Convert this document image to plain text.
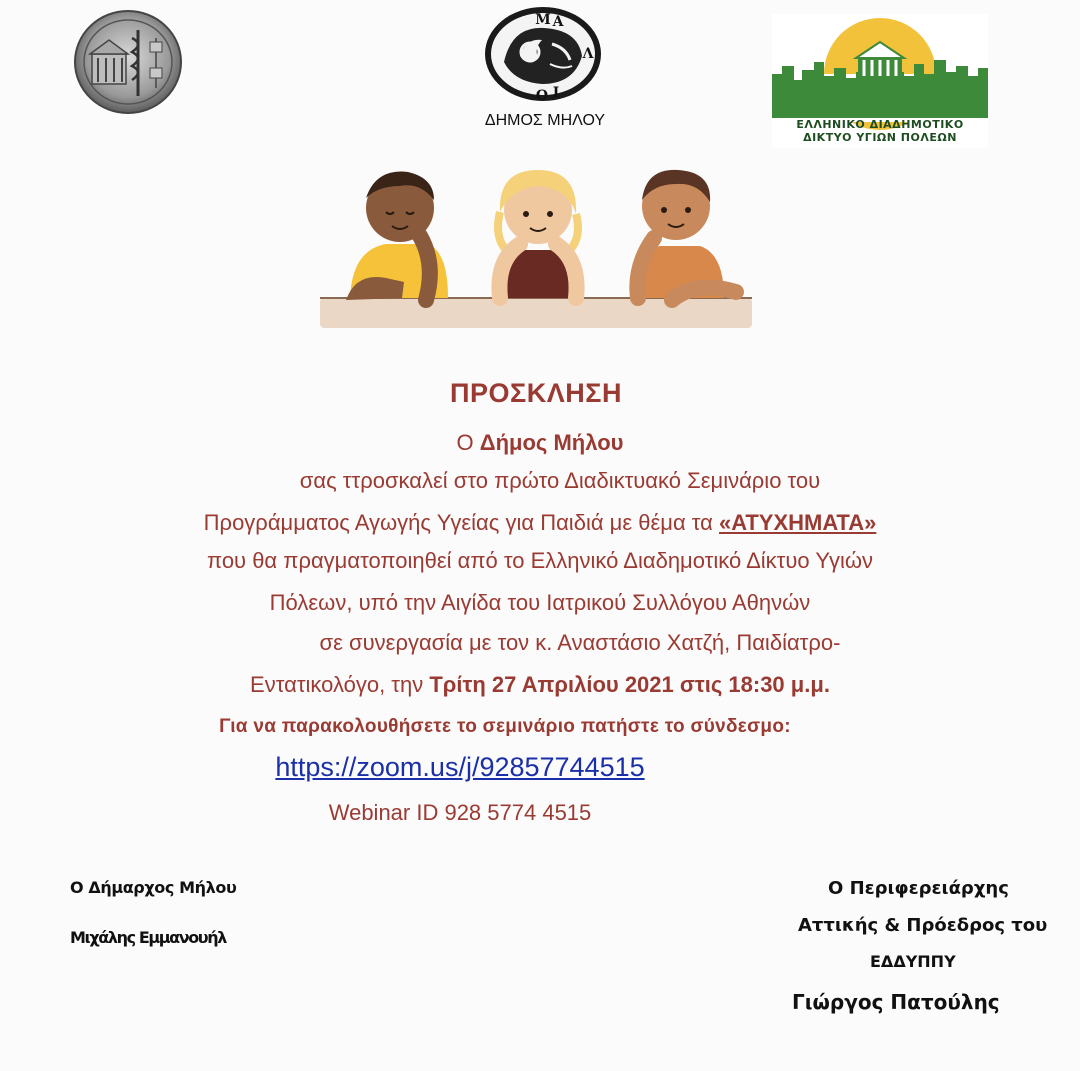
Μ Α
Λ
Ι
Ο
ΔΗΜΟΣ ΜΗΛΟΥ	ΕΛΛΗΝΙΚΟ ΔΙΑΔΗΜΟΤΙΚΟ
ΔΙΚΤΥΟ ΥΓΙΩΝ ΠΟΛΕΩΝ
ΠΡΟΣΚΛΗΣΗ
Ο Δήμος Μήλου
σας ττροσκαλεί στο πρώτο Διαδικτυακό Σεμινάριο του
Προγράμματος Αγωγής Υγείας για Παιδιά με θέμα τα «ΑΤΥΧΗΜΑΤΑ»
που θα πραγματοποιηθεί από το Ελληνικό Διαδημοτικό Δίκτυο Υγιών
Πόλεων, υπό την Αιγίδα του Ιατρικού Συλλόγου Αθηνών
σε συνεργασία με τον κ. Αναστάσιο Χατζή, Παιδίατρο-
Εντατικολόγο, την Τρίτη 27 Απριλίου 2021 στις 18:30 μ.μ.
Για να παρακολουθήσετε το σεμινάριο πατήστε το σύνδεσμο:
https://zoom.us/j/92857744515
Webinar ID 928 5774 4515
Ο Δήμαρχος Μήλου
Μιχάλης Εμμανουήλ
Ο Περιφερειάρχης
Αττικής & Πρόεδρος του
ΕΔΔΥΠΠΥ
Γιώργος Πατούλης
